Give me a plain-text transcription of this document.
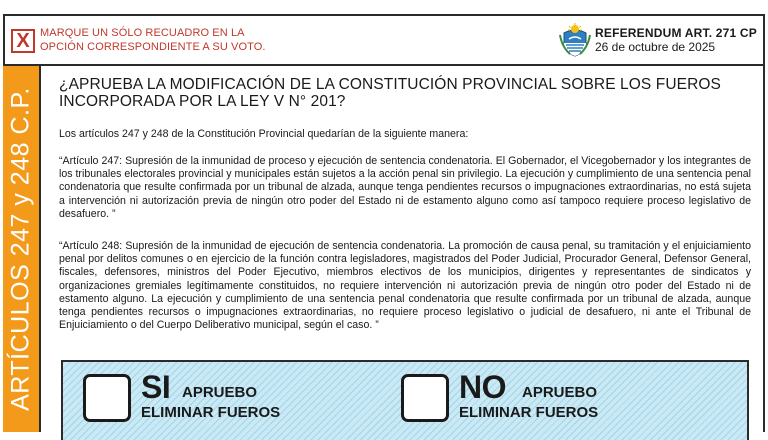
X MARQUE UN SÓLO RECUADRO EN LA
OPCIÓN CORRESPONDIENTE A SU VOTO.
REFERENDUM ART. 271 CP
26 de octubre de 2025
ARTÍCULOS 247 y 248 C.P.
¿APRUEBA LA MODIFICACIÓN DE LA CONSTITUCIÓN PROVINCIAL SOBRE LOS FUEROS INCORPORADA POR LA LEY V N° 201?
Los artículos 247 y 248 de la Constitución Provincial quedarían de la siguiente manera:
“Artículo 247: Supresión de la inmunidad de proceso y ejecución de sentencia condenatoria. El Gobernador, el Vicegobernador y los integrantes de los tribunales electorales provincial y municipales están sujetos a la acción penal sin privilegio. La ejecución y cumplimiento de una sentencia penal condenatoria que resulte confirmada por un tribunal de alzada, aunque tenga pendientes recursos o impugnaciones extraordinarias, no está sujeta a intervención ni autorización previa de ningún otro poder del Estado ni de estamento alguno como así tampoco requiere proceso legislativo de desafuero. ”
“Artículo 248: Supresión de la inmunidad de ejecución de sentencia condenatoria. La promoción de causa penal, su tramitación y el enjuiciamiento penal por delitos comunes o en ejercicio de la función contra legisladores, magistrados del Poder Judicial, Procurador General, Defensor General, fiscales, defensores, ministros del Poder Ejecutivo, miembros electivos de los municipios, dirigentes y representantes de sindicatos y organizaciones gremiales legítimamente constituidos, no requiere intervención ni autorización previa de ningún otro poder del Estado ni de estamento alguno. La ejecución y cumplimiento de una sentencia penal condenatoria que resulte confirmada por un tribunal de alzada, aunque tenga pendientes recursos o impugnaciones extraordinarias, no requiere proceso legislativo o judicial de desafuero, ni ante el Tribunal de Enjuiciamiento o del Cuerpo Deliberativo municipal, según el caso. ”
SI APRUEBO
ELIMINAR FUEROS
NO APRUEBO
ELIMINAR FUEROS
